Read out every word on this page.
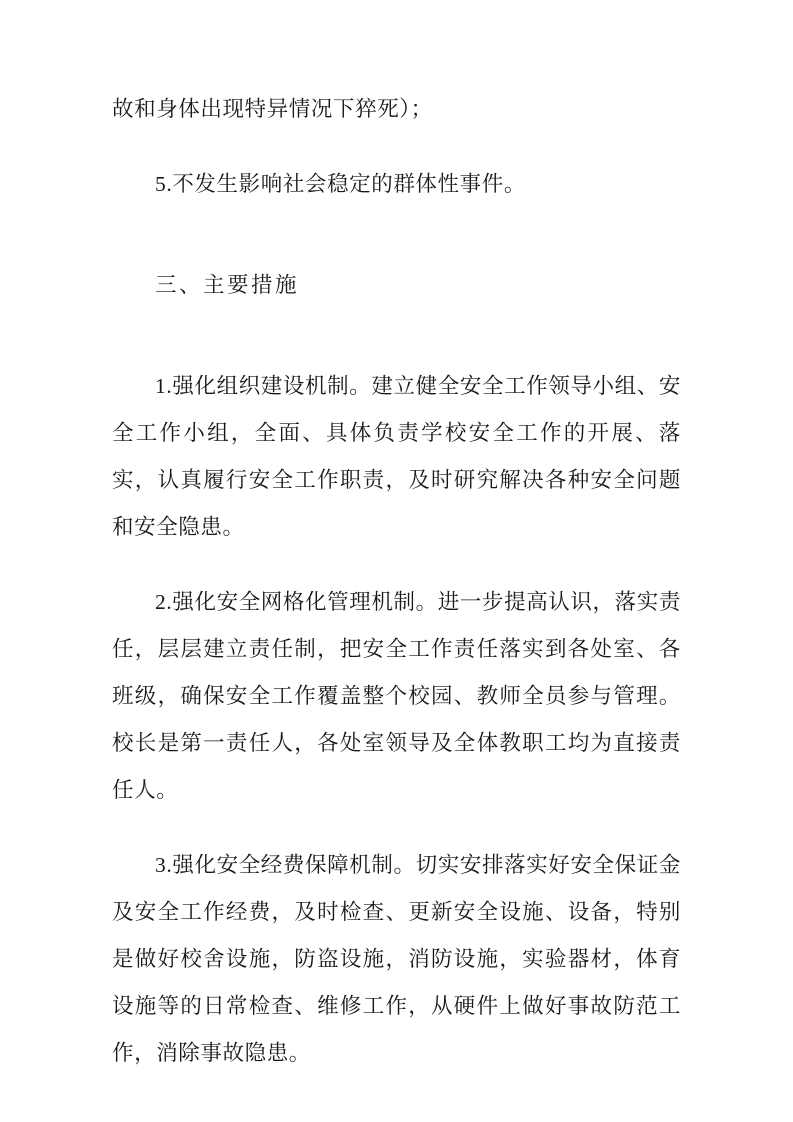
故和身体出现特异情况下猝死）；

5.不发生影响社会稳定的群体性事件。

三、主要措施

1.强化组织建设机制。建立健全安全工作领导小组、安全工作小组，全面、具体负责学校安全工作的开展、落实，认真履行安全工作职责，及时研究解决各种安全问题和安全隐患。

2.强化安全网格化管理机制。进一步提高认识，落实责任，层层建立责任制，把安全工作责任落实到各处室、各班级，确保安全工作覆盖整个校园、教师全员参与管理。校长是第一责任人，各处室领导及全体教职工均为直接责任人。

3.强化安全经费保障机制。切实安排落实好安全保证金及安全工作经费，及时检查、更新安全设施、设备，特别是做好校舍设施，防盗设施，消防设施，实验器材，体育设施等的日常检查、维修工作，从硬件上做好事故防范工作，消除事故隐患。
